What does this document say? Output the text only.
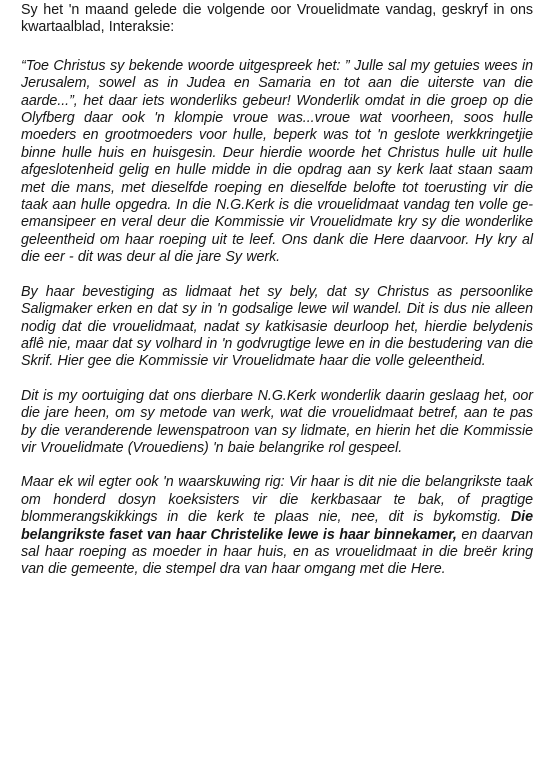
Sy het 'n maand gelede die volgende oor Vrouelidmate vandag, geskryf in ons kwartaalblad, Interaksie:

“Toe Christus sy bekende woorde uitgespreek het: ” Julle sal my getuies wees in Jerusalem, sowel as in Judea en Samaria en tot aan die uiterste van die aarde...”, het daar iets wonderliks gebeur! Wonderlik omdat in die groep op die Olyfberg daar ook 'n klompie vroue was...vroue wat voorheen, soos hulle moeders en grootmoeders voor hulle, beperk was tot 'n geslote werkkringetjie binne hulle huis en huisgesin. Deur hierdie woorde het Christus hulle uit hulle afgeslotenheid gelig en hulle midde in die opdrag aan sy kerk laat staan saam met die mans, met dieselfde roeping en dieselfde belofte tot toerusting vir die taak aan hulle opgedra. In die N.G.Kerk is die vrouelidmaat vandag ten volle ge-emansipeer en veral deur die Kommissie vir Vrouelidmate kry sy die wonderlike geleentheid om haar roeping uit te leef. Ons dank die Here daarvoor. Hy kry al die eer - dit was deur al die jare Sy werk.

By haar bevestiging as lidmaat het sy bely, dat sy Christus as persoonlike Saligmaker erken en dat sy in 'n godsalige lewe wil wandel. Dit is dus nie alleen nodig dat die vrouelidmaat, nadat sy katkisasie deurloop het, hierdie belydenis aflê nie, maar dat sy volhard in 'n godvrugtige lewe en in die bestudering van die Skrif. Hier gee die Kommissie vir Vrouelidmate haar die volle geleentheid.

Dit is my oortuiging dat ons dierbare N.G.Kerk wonderlik daarin geslaag het, oor die jare heen, om sy metode van werk, wat die vrouelidmaat betref, aan te pas by die veranderende lewenspatroon van sy lidmate, en hierin het die Kommissie vir Vrouelidmate (Vrouediens) 'n baie belangrike rol gespeel.

Maar ek wil egter ook 'n waarskuwing rig: Vir haar is dit nie die belangrikste taak om honderd dosyn koeksisters vir die kerkbasaar te bak, of pragtige blommerangskikkings in die kerk te plaas nie, nee, dit is bykomstig. Die belangrikste faset van haar Christelike lewe is haar binnekamer, en daarvan sal haar roeping as moeder in haar huis, en as vrouelidmaat in die breër kring van die gemeente, die stempel dra van haar omgang met die Here.
